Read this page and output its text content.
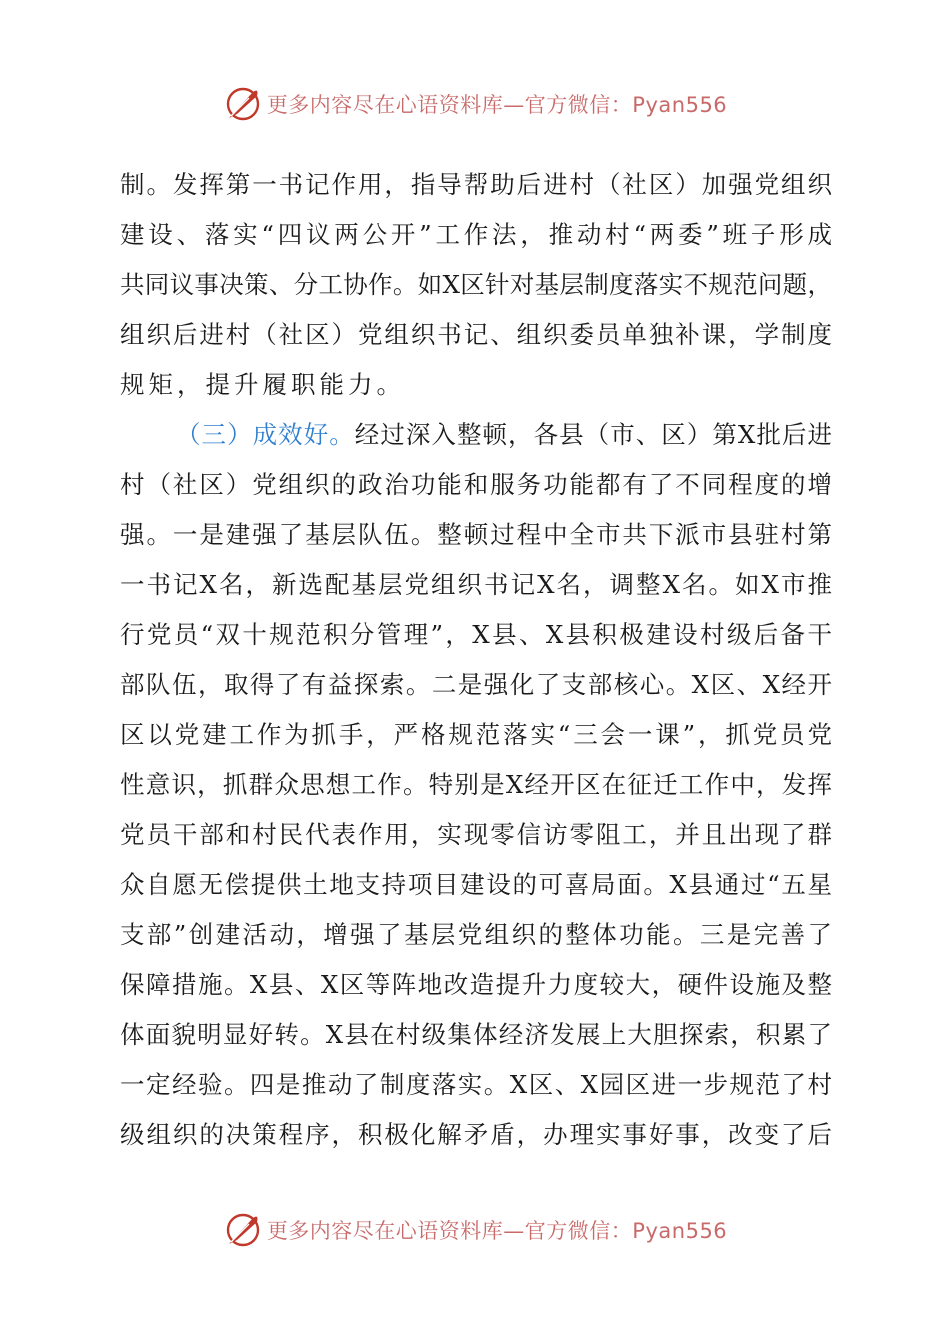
更多内容尽在心语资料库—官方微信：Pyan556
制。发挥第一书记作用，指导帮助后进村（社区）加强党组织
建设、落实“四议两公开”工作法，推动村“两委”班子形成
共同议事决策、分工协作。如X区针对基层制度落实不规范问题，
组织后进村（社区）党组织书记、组织委员单独补课，学制度
规矩，提升履职能力。
（三）成效好。经过深入整顿，各县（市、区）第X批后进
村（社区）党组织的政治功能和服务功能都有了不同程度的增
强。一是建强了基层队伍。整顿过程中全市共下派市县驻村第
一书记X名，新选配基层党组织书记X名，调整X名。如X市推
行党员“双十规范积分管理”，X县、X县积极建设村级后备干
部队伍，取得了有益探索。二是强化了支部核心。X区、X经开
区以党建工作为抓手，严格规范落实“三会一课”，抓党员党
性意识，抓群众思想工作。特别是X经开区在征迁工作中，发挥
党员干部和村民代表作用，实现零信访零阻工，并且出现了群
众自愿无偿提供土地支持项目建设的可喜局面。X县通过“五星
支部”创建活动，增强了基层党组织的整体功能。三是完善了
保障措施。X县、X区等阵地改造提升力度较大，硬件设施及整
体面貌明显好转。X县在村级集体经济发展上大胆探索，积累了
一定经验。四是推动了制度落实。X区、X园区进一步规范了村
级组织的决策程序，积极化解矛盾，办理实事好事，改变了后
更多内容尽在心语资料库—官方微信：Pyan556
